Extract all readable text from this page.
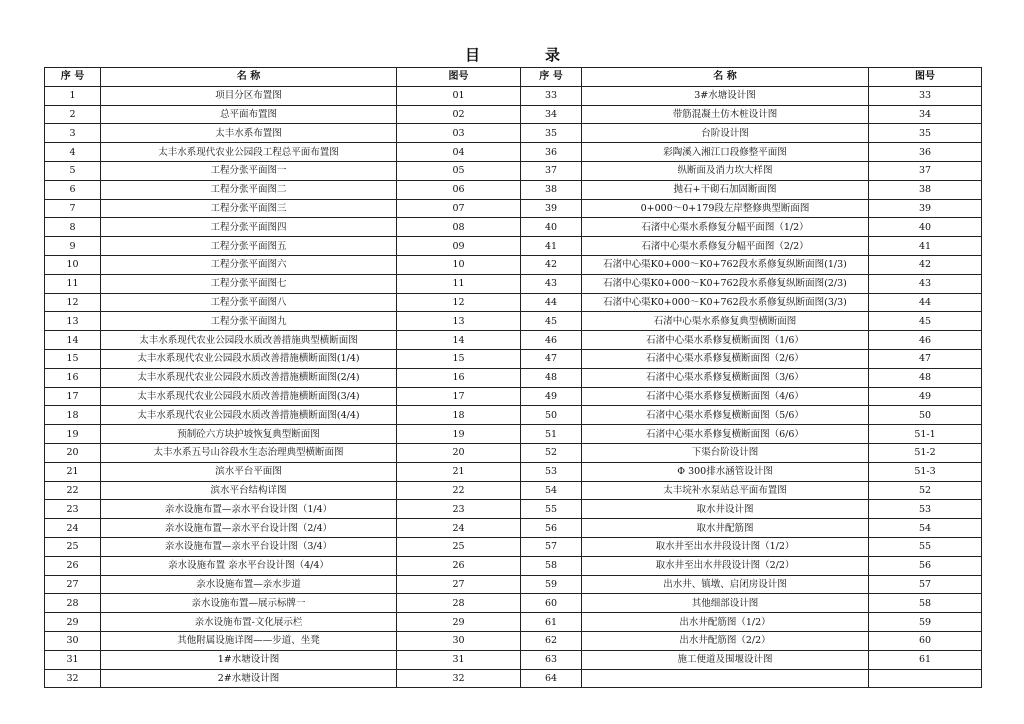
目	录
序 号	名 称	图号	序 号	名 称	图号
1	项目分区布置图	01	33	3#水塘设计图	33
2	总平面布置图	02	34	带筋混凝土仿木桩设计图	34
3	太丰水系布置图	03	35	台阶设计图	35
4	太丰水系现代农业公园段工程总平面布置图	04	36	彩陶溪入湘江口段修整平面图	36
5	工程分张平面图一	05	37	纵断面及消力坎大样图	37
6	工程分张平面图二	06	38	抛石+干砌石加固断面图	38
7	工程分张平面图三	07	39	0+000～0+179段左岸整修典型断面图	39
8	工程分张平面图四	08	40	石渚中心渠水系修复分幅平面图（1/2）	40
9	工程分张平面图五	09	41	石渚中心渠水系修复分幅平面图（2/2）	41
10	工程分张平面图六	10	42	石渚中心渠K0+000～K0+762段水系修复纵断面图(1/3)	42
11	工程分张平面图七	11	43	石渚中心渠K0+000～K0+762段水系修复纵断面图(2/3)	43
12	工程分张平面图八	12	44	石渚中心渠K0+000～K0+762段水系修复纵断面图(3/3)	44
13	工程分张平面图九	13	45	石渚中心渠水系修复典型横断面图	45
14	太丰水系现代农业公园段水质改善措施典型横断面图	14	46	石渚中心渠水系修复横断面图（1/6）	46
15	太丰水系现代农业公园段水质改善措施横断面图(1/4)	15	47	石渚中心渠水系修复横断面图（2/6）	47
16	太丰水系现代农业公园段水质改善措施横断面图(2/4)	16	48	石渚中心渠水系修复横断面图（3/6）	48
17	太丰水系现代农业公园段水质改善措施横断面图(3/4)	17	49	石渚中心渠水系修复横断面图（4/6）	49
18	太丰水系现代农业公园段水质改善措施横断面图(4/4)	18	50	石渚中心渠水系修复横断面图（5/6）	50
19	预制砼六方块护坡恢复典型断面图	19	51	石渚中心渠水系修复横断面图（6/6）	51-1
20	太丰水系五号山谷段水生态治理典型横断面图	20	52	下渠台阶设计图	51-2
21	滨水平台平面图	21	53	Φ 300排水涵管设计图	51-3
22	滨水平台结构详图	22	54	太丰垸补水泵站总平面布置图	52
23	亲水设施布置—亲水平台设计图（1/4）	23	55	取水井设计图	53
24	亲水设施布置—亲水平台设计图（2/4）	24	56	取水井配筋图	54
25	亲水设施布置—亲水平台设计图（3/4）	25	57	取水井至出水井段设计图（1/2）	55
26	亲水设施布置 亲水平台设计图（4/4）	26	58	取水井至出水井段设计图（2/2）	56
27	亲水设施布置—亲水步道	27	59	出水井、镇墩、启闭房设计图	57
28	亲水设施布置—展示标牌一	28	60	其他细部设计图	58
29	亲水设施布置-文化展示栏	29	61	出水井配筋图（1/2）	59
30	其他附属设施详图——步道、坐凳	30	62	出水井配筋图（2/2）	60
31	1#水塘设计图	31	63	施工便道及围堰设计图	61
32	2#水塘设计图	32	64		
